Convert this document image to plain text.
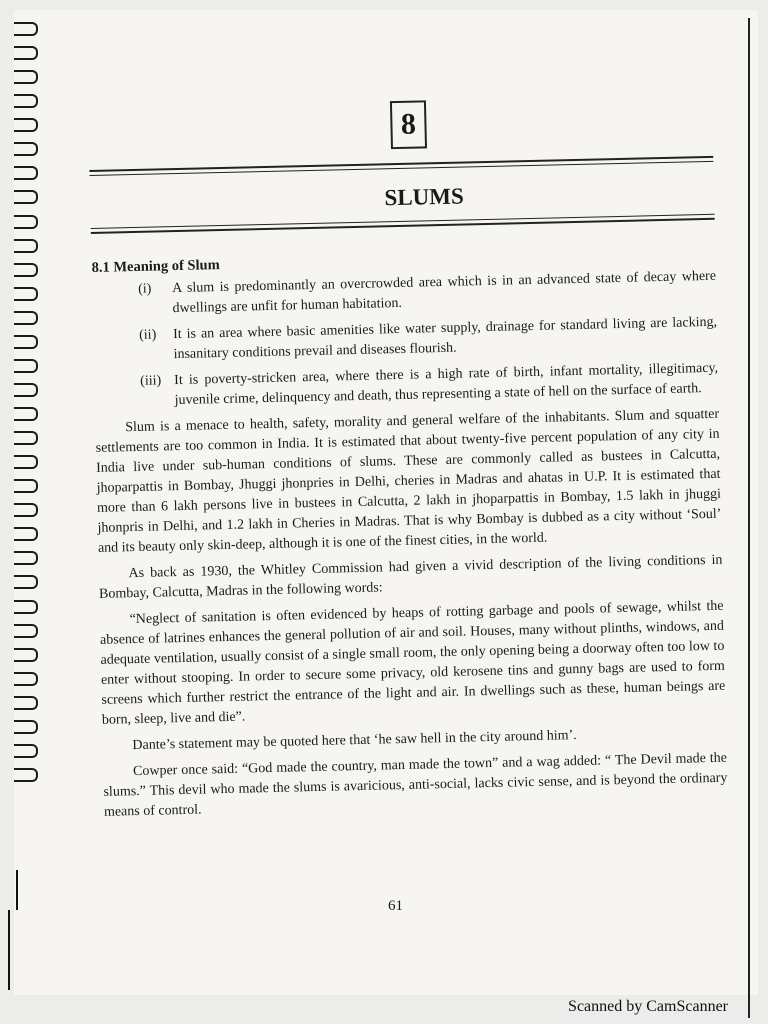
8
SLUMS
8.1 Meaning of Slum
(i)	A slum is predominantly an overcrowded area which is in an advanced state of decay where dwellings are unfit for human habitation.
(ii)	It is an area where basic amenities like water supply, drainage for standard living are lacking, insanitary conditions prevail and diseases flourish.
(iii) It is poverty-stricken area, where there is a high rate of birth, infant mortality, illegitimacy, juvenile crime, delinquency and death, thus representing a state of hell on the surface of earth.

Slum is a menace to health, safety, morality and general welfare of the inhabitants. Slum and squatter settlements are too common in India. It is estimated that about twenty-five percent population of any city in India live under sub-human conditions of slums. These are commonly called as bustees in Calcutta, jhoparpattis in Bombay, Jhuggi jhonpries in Delhi, cheries in Madras and ahatas in U.P. It is estimated that more than 6 lakh persons live in bustees in Calcutta, 2 lakh in jhoparpattis in Bombay, 1.5 lakh in jhuggi jhonpris in Delhi, and 1.2 lakh in Cheries in Madras. That is why Bombay is dubbed as a city without ‘Soul’ and its beauty only skin-deep, although it is one of the finest cities, in the world.

As back as 1930, the Whitley Commission had given a vivid description of the living conditions in Bombay, Calcutta, Madras in the following words:

“Neglect of sanitation is often evidenced by heaps of rotting garbage and pools of sewage, whilst the absence of latrines enhances the general pollution of air and soil. Houses, many without plinths, windows, and adequate ventilation, usually consist of a single small room, the only opening being a doorway often too low to enter without stooping. In order to secure some privacy, old kerosene tins and gunny bags are used to form screens which further restrict the entrance of the light and air. In dwellings such as these, human beings are born, sleep, live and die”.

Dante’s statement may be quoted here that ‘he saw hell in the city around him’.

Cowper once said: “God made the country, man made the town” and a wag added: “ The Devil made the slums.” This devil who made the slums is avaricious, anti-social, lacks civic sense, and is beyond the ordinary means of control.

61
Scanned by CamScanner
